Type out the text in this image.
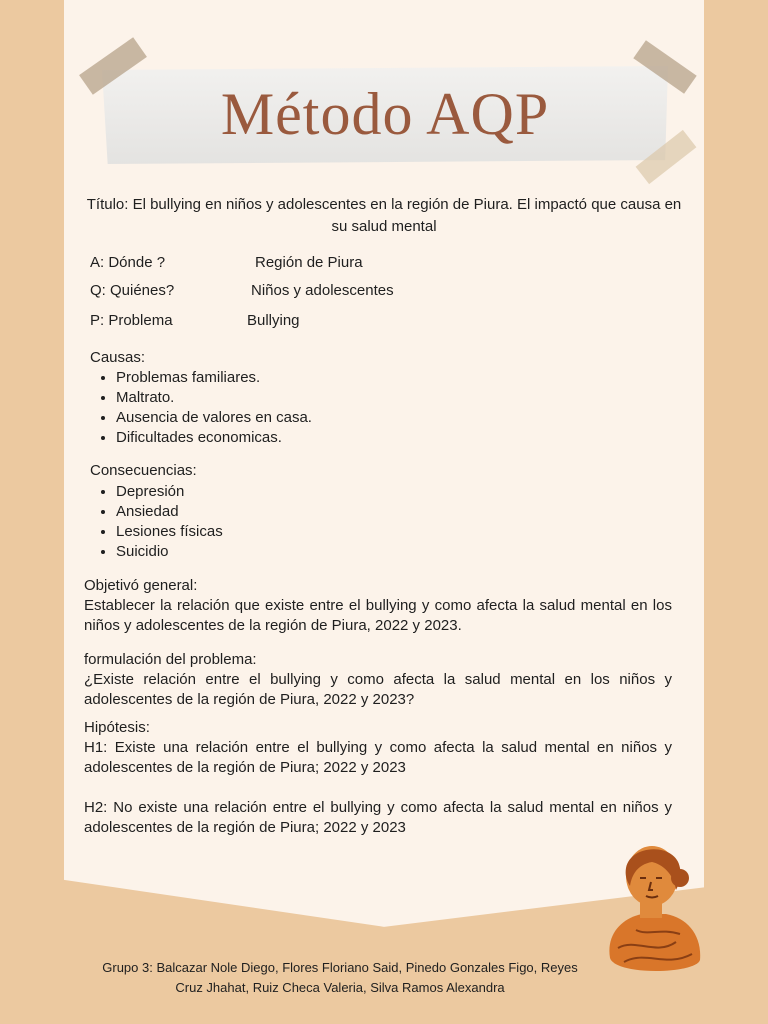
Método AQP
Título: El bullying en niños y adolescentes en la región de Piura. El impactó que causa en su salud mental
A: Dónde ?	Región de Piura
Q: Quiénes?	Niños y adolescentes
P: Problema	Bullying
Causas:
• Problemas familiares.
• Maltrato.
• Ausencia de valores en casa.
• Dificultades economicas.
Consecuencias:
• Depresión
• Ansiedad
• Lesiones físicas
• Suicidio
Objetivó general:
Establecer la relación que existe entre el bullying y como afecta la salud mental en los niños y adolescentes de la región de Piura, 2022 y 2023.
formulación del problema:
¿Existe relación entre el bullying y como afecta la salud mental en los niños y adolescentes de la región de Piura, 2022 y 2023?
Hipótesis:
H1: Existe una relación entre el bullying y como afecta la salud mental en niños y adolescentes de la región de Piura; 2022 y 2023
H2: No existe una relación entre el bullying y como afecta la salud mental en niños y adolescentes de la región de Piura; 2022 y 2023
Grupo 3: Balcazar Nole Diego, Flores Floriano Said, Pinedo Gonzales Figo, Reyes
Cruz Jhahat, Ruiz Checa Valeria, Silva Ramos Alexandra
